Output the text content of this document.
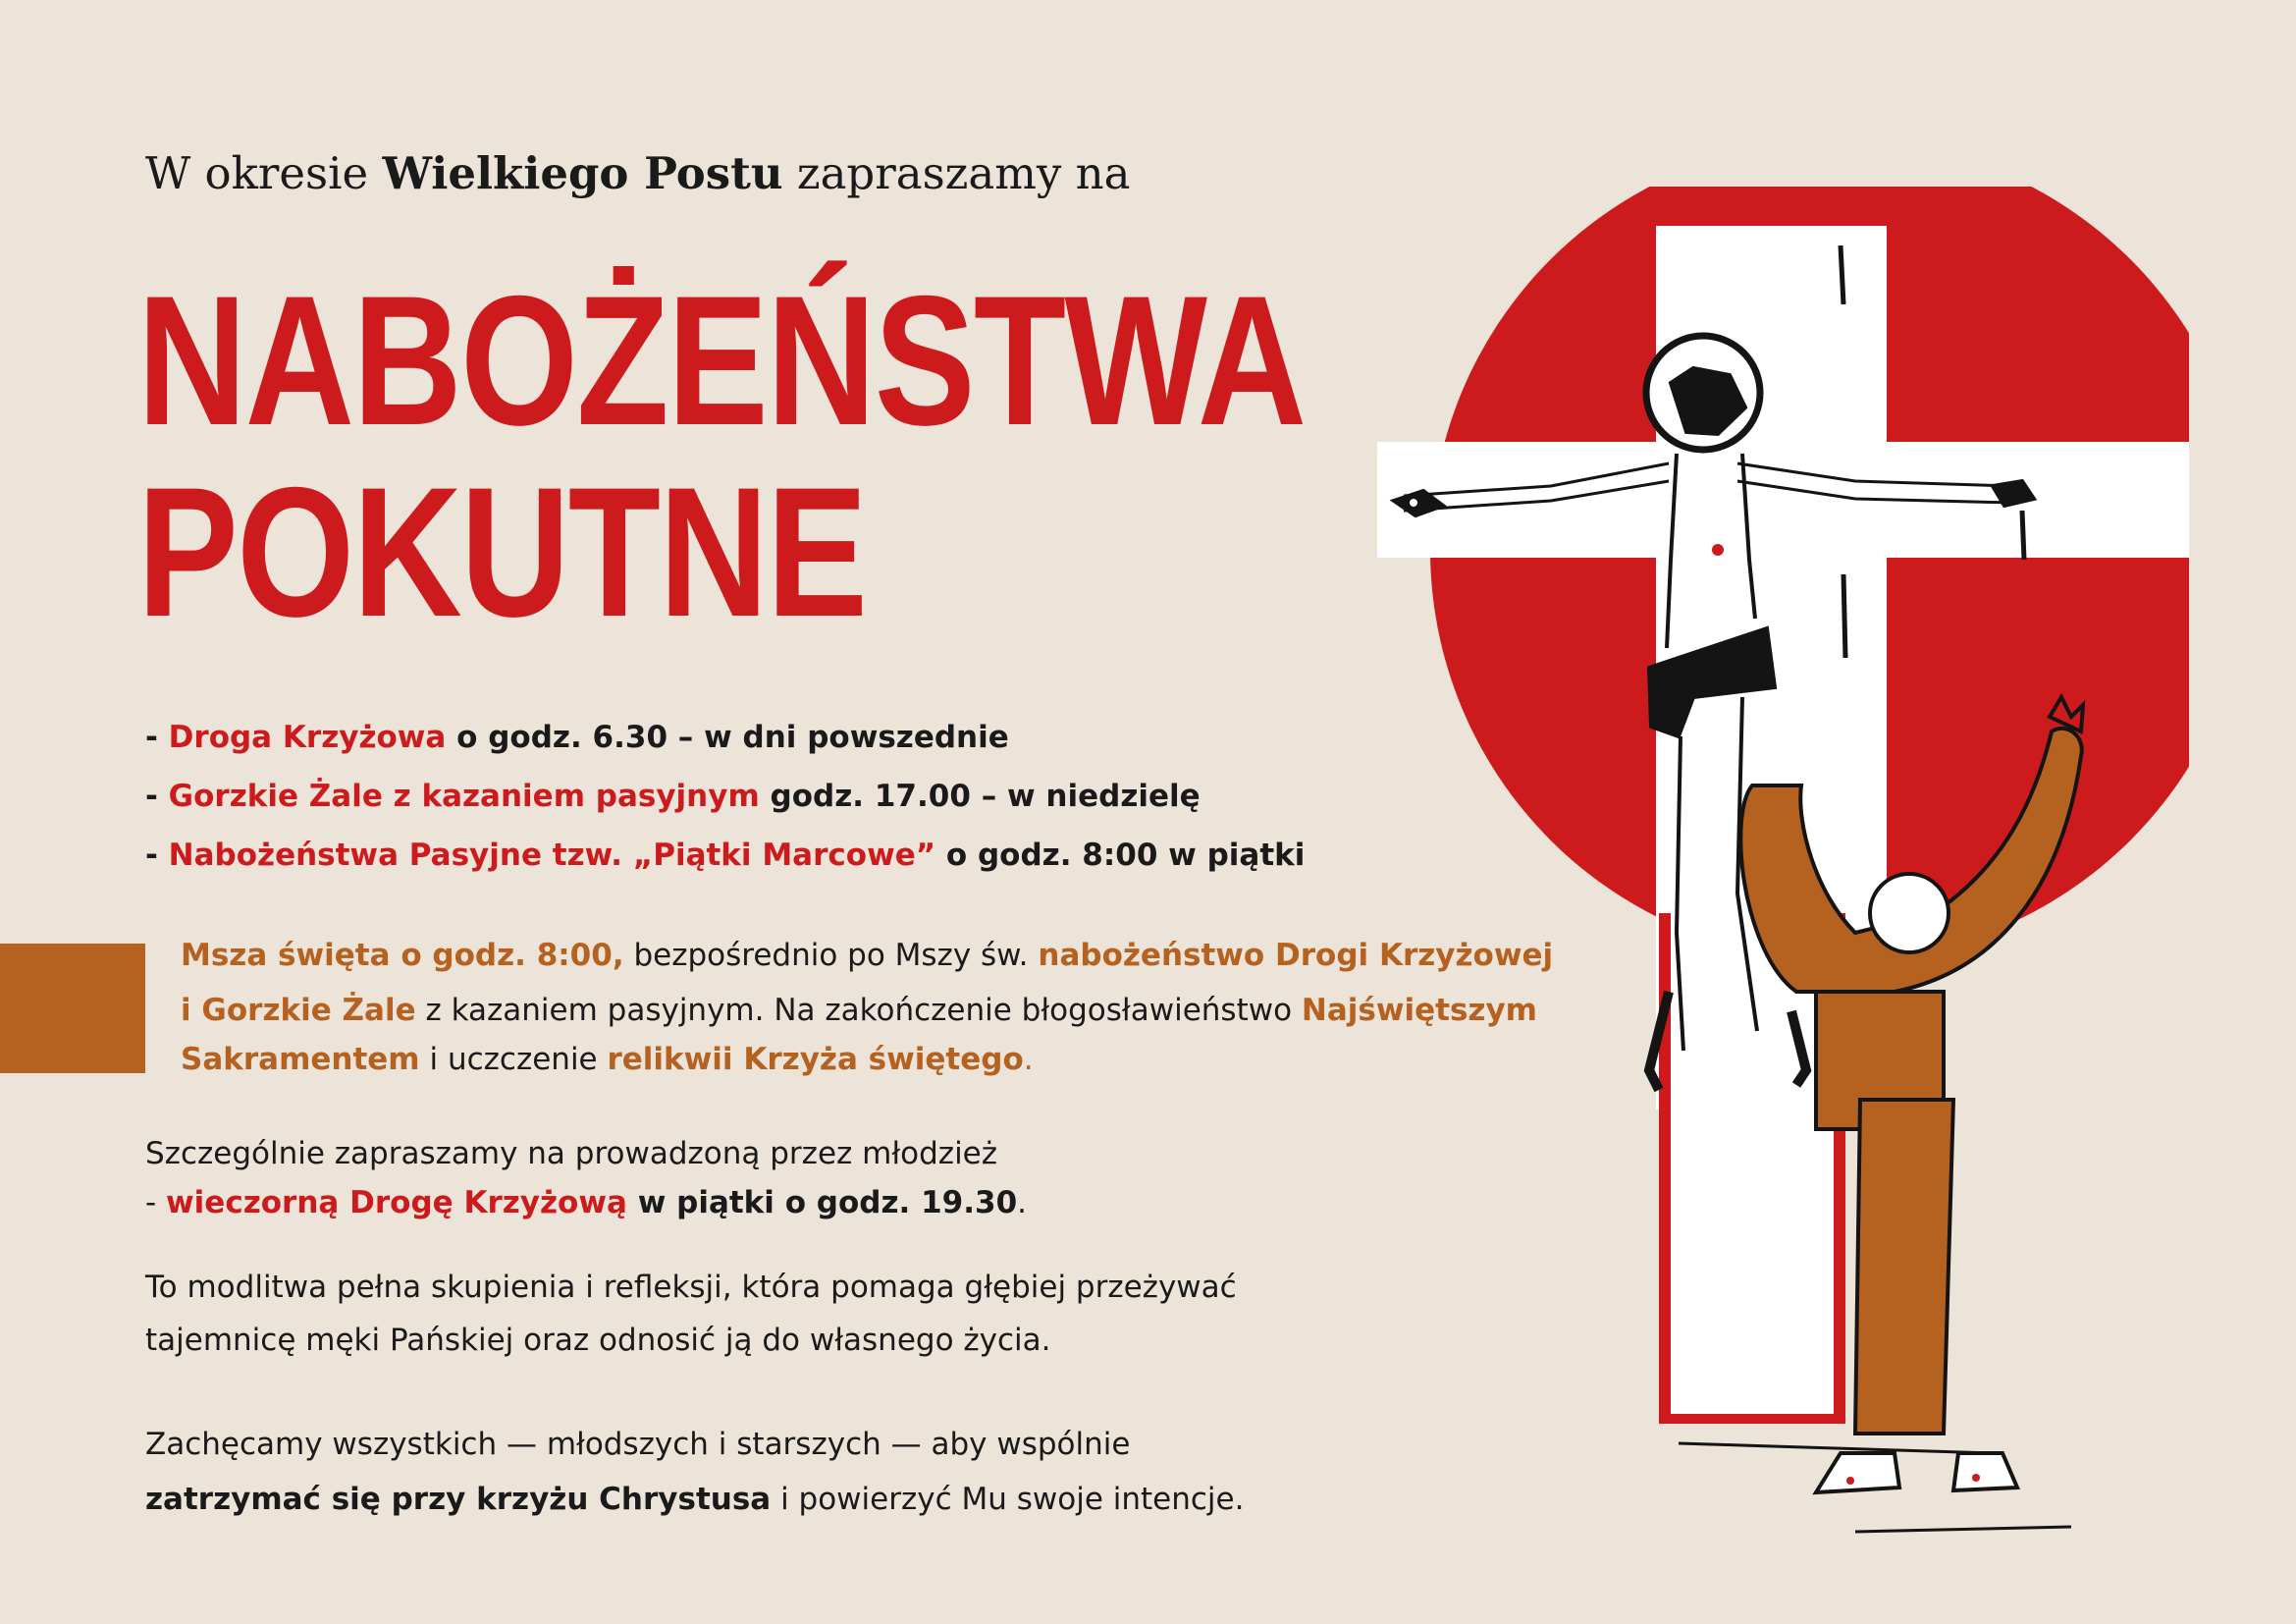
W okresie Wielkiego Postu zapraszamy na
NABOŻEŃSTWA
POKUTNE
- Droga Krzyżowa o godz. 6.30 – w dni powszednie
- Gorzkie Żale z kazaniem pasyjnym godz. 17.00 – w niedzielę
- Nabożeństwa Pasyjne tzw. „Piątki Marcowe” o godz. 8:00 w piątki
Msza święta o godz. 8:00, bezpośrednio po Mszy św. nabożeństwo Drogi Krzyżowej
i Gorzkie Żale z kazaniem pasyjnym. Na zakończenie błogosławieństwo Najświętszym
Sakramentem i uczczenie relikwii Krzyża świętego.
Szczególnie zapraszamy na prowadzoną przez młodzież
- wieczorną Drogę Krzyżową w piątki o godz. 19.30.
To modlitwa pełna skupienia i refleksji, która pomaga głębiej przeżywać
tajemnicę męki Pańskiej oraz odnosić ją do własnego życia.
Zachęcamy wszystkich — młodszych i starszych — aby wspólnie
zatrzymać się przy krzyżu Chrystusa i powierzyć Mu swoje intencje.
